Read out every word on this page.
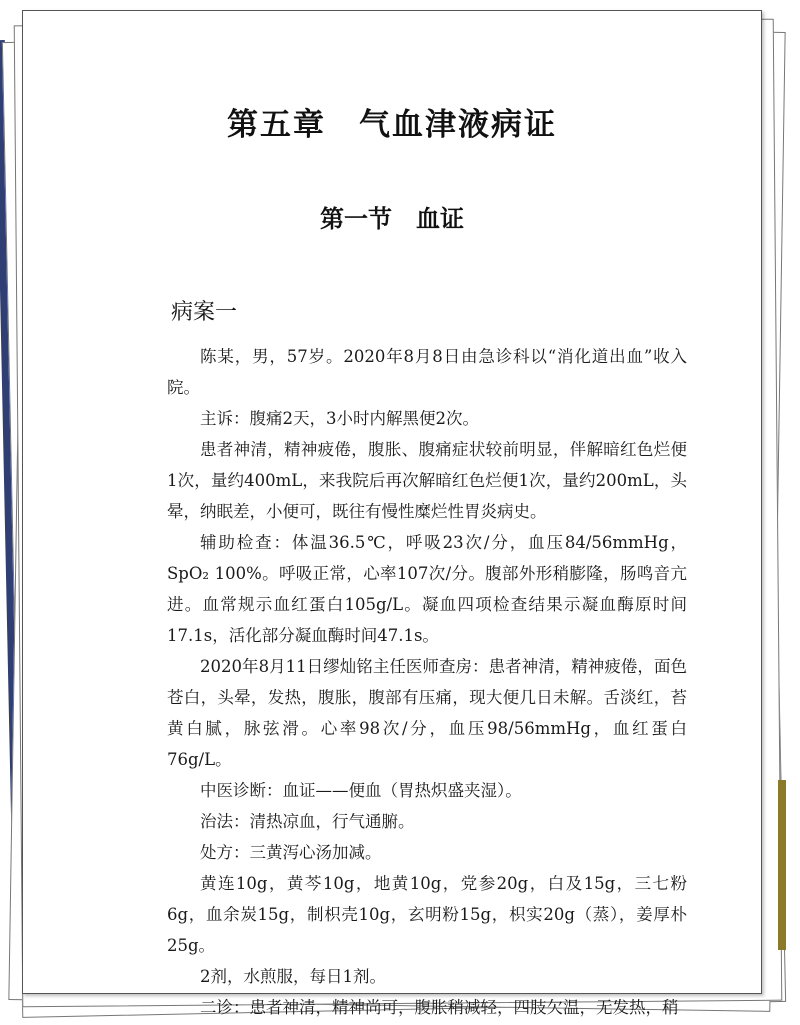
第五章　气血津液病证
第一节　血证
病案一

陈某，男，57岁。2020年8月8日由急诊科以“消化道出血”收入院。

主诉：腹痛2天，3小时内解黑便2次。

患者神清，精神疲倦，腹胀、腹痛症状较前明显，伴解暗红色烂便1次，量约400mL，来我院后再次解暗红色烂便1次，量约200mL，头晕，纳眠差，小便可，既往有慢性糜烂性胃炎病史。

辅助检查：体温36.5℃，呼吸23次/分，血压84/56mmHg，SpO₂ 100%。呼吸正常，心率107次/分。腹部外形稍膨隆，肠鸣音亢进。血常规示血红蛋白105g/L。凝血四项检查结果示凝血酶原时间17.1s，活化部分凝血酶时间47.1s。

2020年8月11日缪灿铭主任医师查房：患者神清，精神疲倦，面色苍白，头晕，发热，腹胀，腹部有压痛，现大便几日未解。舌淡红，苔黄白腻，脉弦滑。心率98次/分，血压98/56mmHg，血红蛋白76g/L。

中医诊断：血证——便血（胃热炽盛夹湿）。

治法：清热凉血，行气通腑。

处方：三黄泻心汤加减。

黄连10g，黄芩10g，地黄10g，党参20g，白及15g，三七粉6g，血余炭15g，制枳壳10g，玄明粉15g，枳实20g（蒸），姜厚朴25g。

2剂，水煎服，每日1剂。

二诊：患者神清，精神尚可，腹胀稍减轻，四肢欠温，无发热，稍
